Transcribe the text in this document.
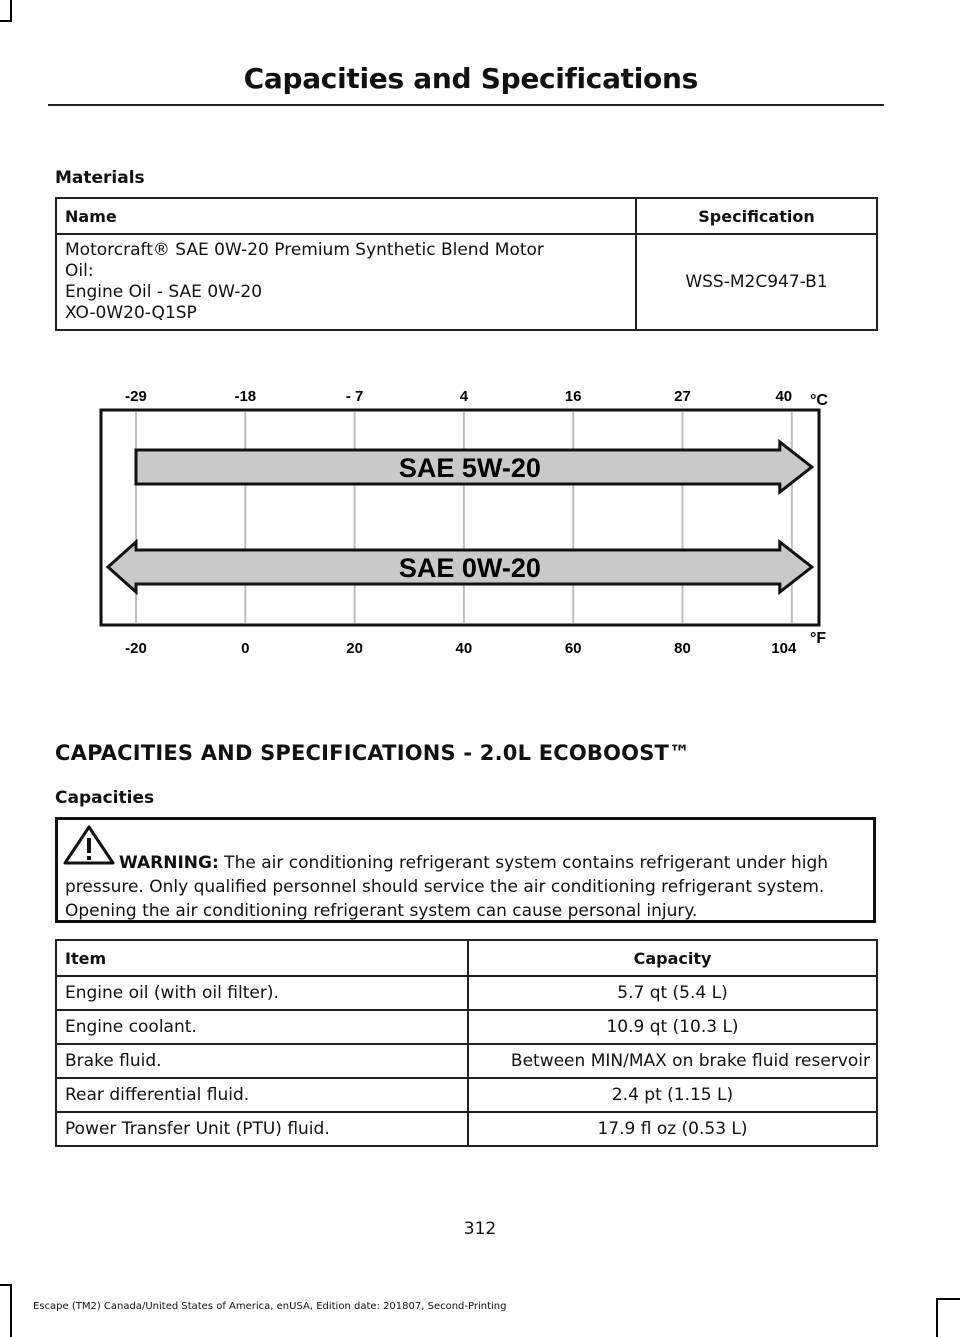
Capacities and Specifications
Materials
Name	Specification

Motorcraft® SAE 0W-20 Premium Synthetic Blend Motor
Oil:
Engine Oil - SAE 0W-20
XO-0W20-Q1SP	WSS-M2C947-B1
SAE 5W-20
SAE 0W-20
-29	-18	- 7	4	16	27	40
-20	0	20	40	60	80	104
°C
°F
CAPACITIES AND SPECIFICATIONS - 2.0L ECOBOOST™
Capacities
WARNING: The air conditioning refrigerant system contains refrigerant under high pressure. Only qualified personnel should service the air conditioning refrigerant system. Opening the air conditioning refrigerant system can cause personal injury.
Item	Capacity
Engine oil (with oil filter).	5.7 qt (5.4 L)
Engine coolant.	10.9 qt (10.3 L)
Brake fluid.	Between MIN/MAX on brake fluid reservoir
Rear differential fluid.	2.4 pt (1.15 L)
Power Transfer Unit (PTU) fluid.	17.9 fl oz (0.53 L)
312
Escape (TM2) Canada/United States of America, enUSA, Edition date: 201807, Second-Printing
